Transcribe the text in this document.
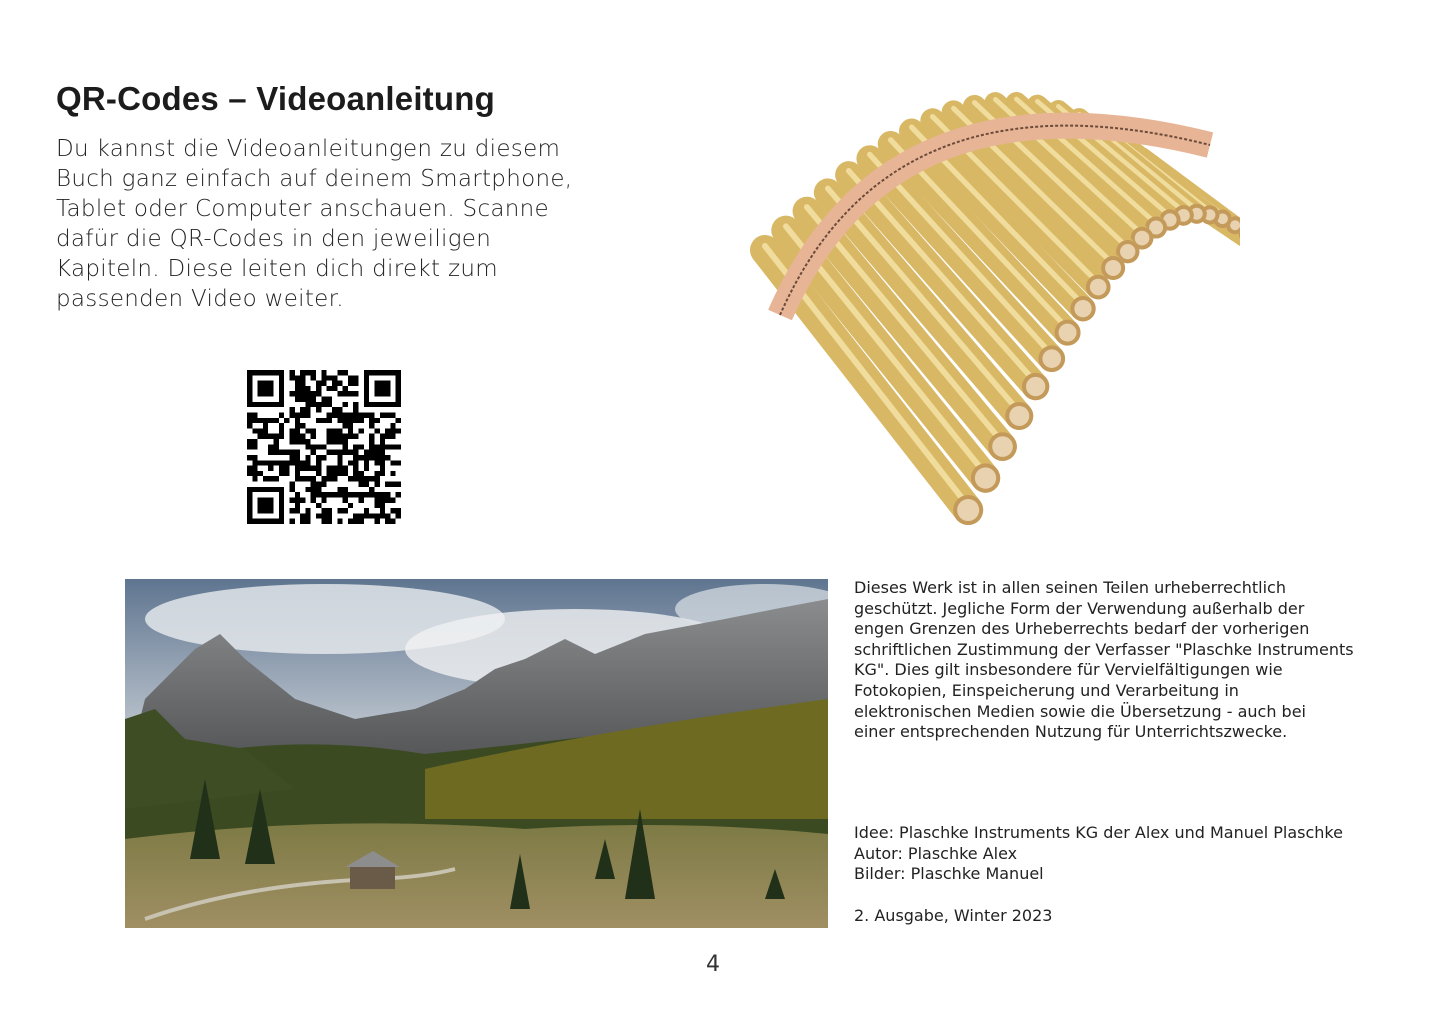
QR-Codes – Videoanleitung
Du kannst die Videoanleitungen zu diesem
Buch ganz einfach auf deinem Smartphone,
Tablet oder Computer anschauen. Scanne
dafür die QR-Codes in den jeweiligen
Kapiteln. Diese leiten dich direkt zum
passenden Video weiter.
Dieses Werk ist in allen seinen Teilen urheberrechtlich
geschützt. Jegliche Form der Verwendung außerhalb der
engen Grenzen des Urheberrechts bedarf der vorherigen
schriftlichen Zustimmung der Verfasser "Plaschke Instruments
KG". Dies gilt insbesondere für Vervielfältigungen wie
Fotokopien, Einspeicherung und Verarbeitung in
elektronischen Medien sowie die Übersetzung - auch bei
einer entsprechenden Nutzung für Unterrichtszwecke.
Idee: Plaschke Instruments KG der Alex und Manuel Plaschke
Autor: Plaschke Alex
Bilder: Plaschke Manuel
2. Ausgabe, Winter 2023
4
